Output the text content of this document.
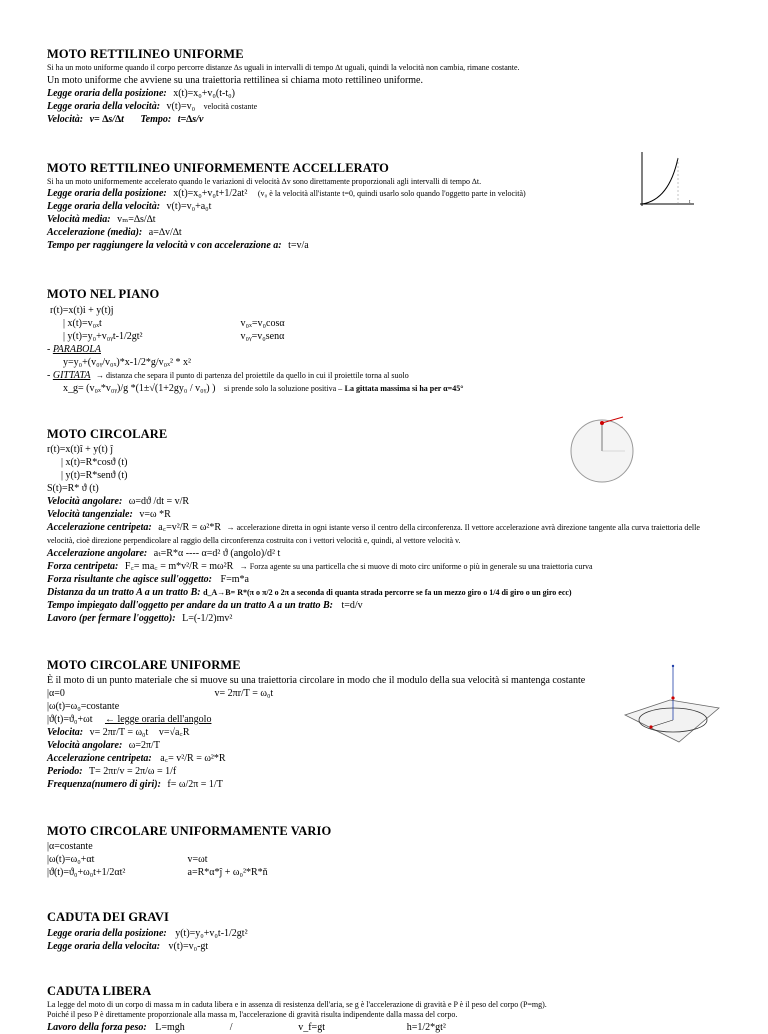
MOTO RETTILINEO UNIFORME
Si ha un moto uniforme quando il corpo percorre distanze ∆s uguali in intervalli di tempo ∆t uguali, quindi la velocità non cambia, rimane costante.
Un moto uniforme che avviene su una traiettoria rettilinea si chiama moto rettilineo uniforme.
Legge oraria della posizione: x(t)=x₀+v₀(t-t₀)
Legge oraria della velocità: v(t)=v₀ velocità costante
Velocità: v= ∆s/∆t Tempo: t=∆s/v
MOTO RETTILINEO UNIFORMEMENTE ACCELLERATO
Si ha un moto uniformemente accelerato quando le variazioni di velocità ∆v sono direttamente proporzionali agli intervalli di tempo ∆t.
Legge oraria della posizione: x(t)=x₀+v₀t+1/2at² (v₀ è la velocità all'istante t=0, quindi usarlo solo quando l'oggetto parte in velocità)
Legge oraria della velocità: v(t)=v₀+a₀t
Velocità media: vₘ=∆s/∆t
Accelerazione (media): a=∆v/∆t
Tempo per raggiungere la velocità v con accelerazione a: t=v/a
MOTO NEL PIANO
r(t)=x(t)i + y(t)j
| x(t)=v₀ₓt	v₀ₓ=v₀cosα
| y(t)=y₀+v₀ᵧt-1/2gt²	v₀ᵧ=v₀senα
- PARABOLA
y=y₀+(v₀ᵧ/v₀ₓ)*x-1/2*g/v₀ₓ² * x²
- GITTATA → distanza che separa il punto di partenza del proiettile da quello in cui il proiettile torna al suolo
x_g= (v₀ₓ*v₀ᵧ)/g *(1±√(1+2gy₀ / v₀ᵧ) ) si prende solo la soluzione positiva – La gittata massima si ha per α=45°
MOTO CIRCOLARE
r(t)=x(t)î + y(t) ĵ
| x(t)=R*cosϑ (t)
| y(t)=R*senϑ (t)
S(t)=R* ϑ (t)
Velocità angolare: ω=dϑ /dt = v/R
Velocità tangenziale: v=ω *R
Accelerazione centripeta: a꜀=v²/R = ω²*R → accelerazione diretta in ogni istante verso il centro della circonferenza. Il vettore accelerazione avrà direzione tangente alla curva traiettoria delle velocità, cioè direzione perpendicolare al raggio della circonferenza costruita con i vettori velocità e, quindi, al vettore velocità v.
Accelerazione angolare: aₜ=R*α ---- α=d² ϑ (angolo)/d² t
Forza centripeta: F꜀= ma꜀ = m*v²/R = mω²R → Forza agente su una particella che si muove di moto circ uniforme o più in generale su una traiettoria curva
Forza risultante che agisce sull'oggetto: F=m*a
Distanza da un tratto A a un tratto B: d_A→B= R*(π o π/2 o 2π a seconda di quanta strada percorre se fa un mezzo giro o 1/4 di giro o un giro ecc)
Tempo impiegato dall'oggetto per andare da un tratto A a un tratto B: t=d/v
Lavoro (per fermare l'oggetto): L=(-1/2)mv²
MOTO CIRCOLARE UNIFORME
È il moto di un punto materiale che si muove su una traiettoria circolare in modo che il modulo della sua velocità si mantenga costante
|α=0	v= 2πr/T = ω₀t
|ω(t)=ω₀=costante
|ϑ(t)=ϑ₀+ωt ← legge oraria dell'angolo
Velocita: v= 2πr/T = ω₀t v=√a꜀R
Velocità angolare: ω=2π/T
Accelerazione centripeta: a꜀= v²/R = ω²*R
Periodo: T= 2πr/v = 2π/ω = 1/f
Frequenza(numero di giri): f= ω/2π = 1/T
MOTO CIRCOLARE UNIFORMAMENTE VARIO
|α=costante
|ω(t)=ω₀+αt	v=ωt
|ϑ(t)=ϑ₀+ω₀t+1/2αt²	a=R*α*ĵ + ω₀²*R*ň
CADUTA DEI GRAVI
Legge oraria della posizione: y(t)=y₀+v₀t-1/2gt²
Legge oraria della velocita: v(t)=v₀-gt
CADUTA LIBERA
La legge del moto di un corpo di massa m in caduta libera e in assenza di resistenza dell'aria, se g è l'accelerazione di gravità e P è il peso del corpo (P=mg).
Poiché il peso P è direttamente proporzionale alla massa m, l'accelerazione di gravità risulta indipendente dalla massa del corpo.
Lavoro della forza peso: L=mgh	/	v_f=gt	h=1/2*gt²
t
